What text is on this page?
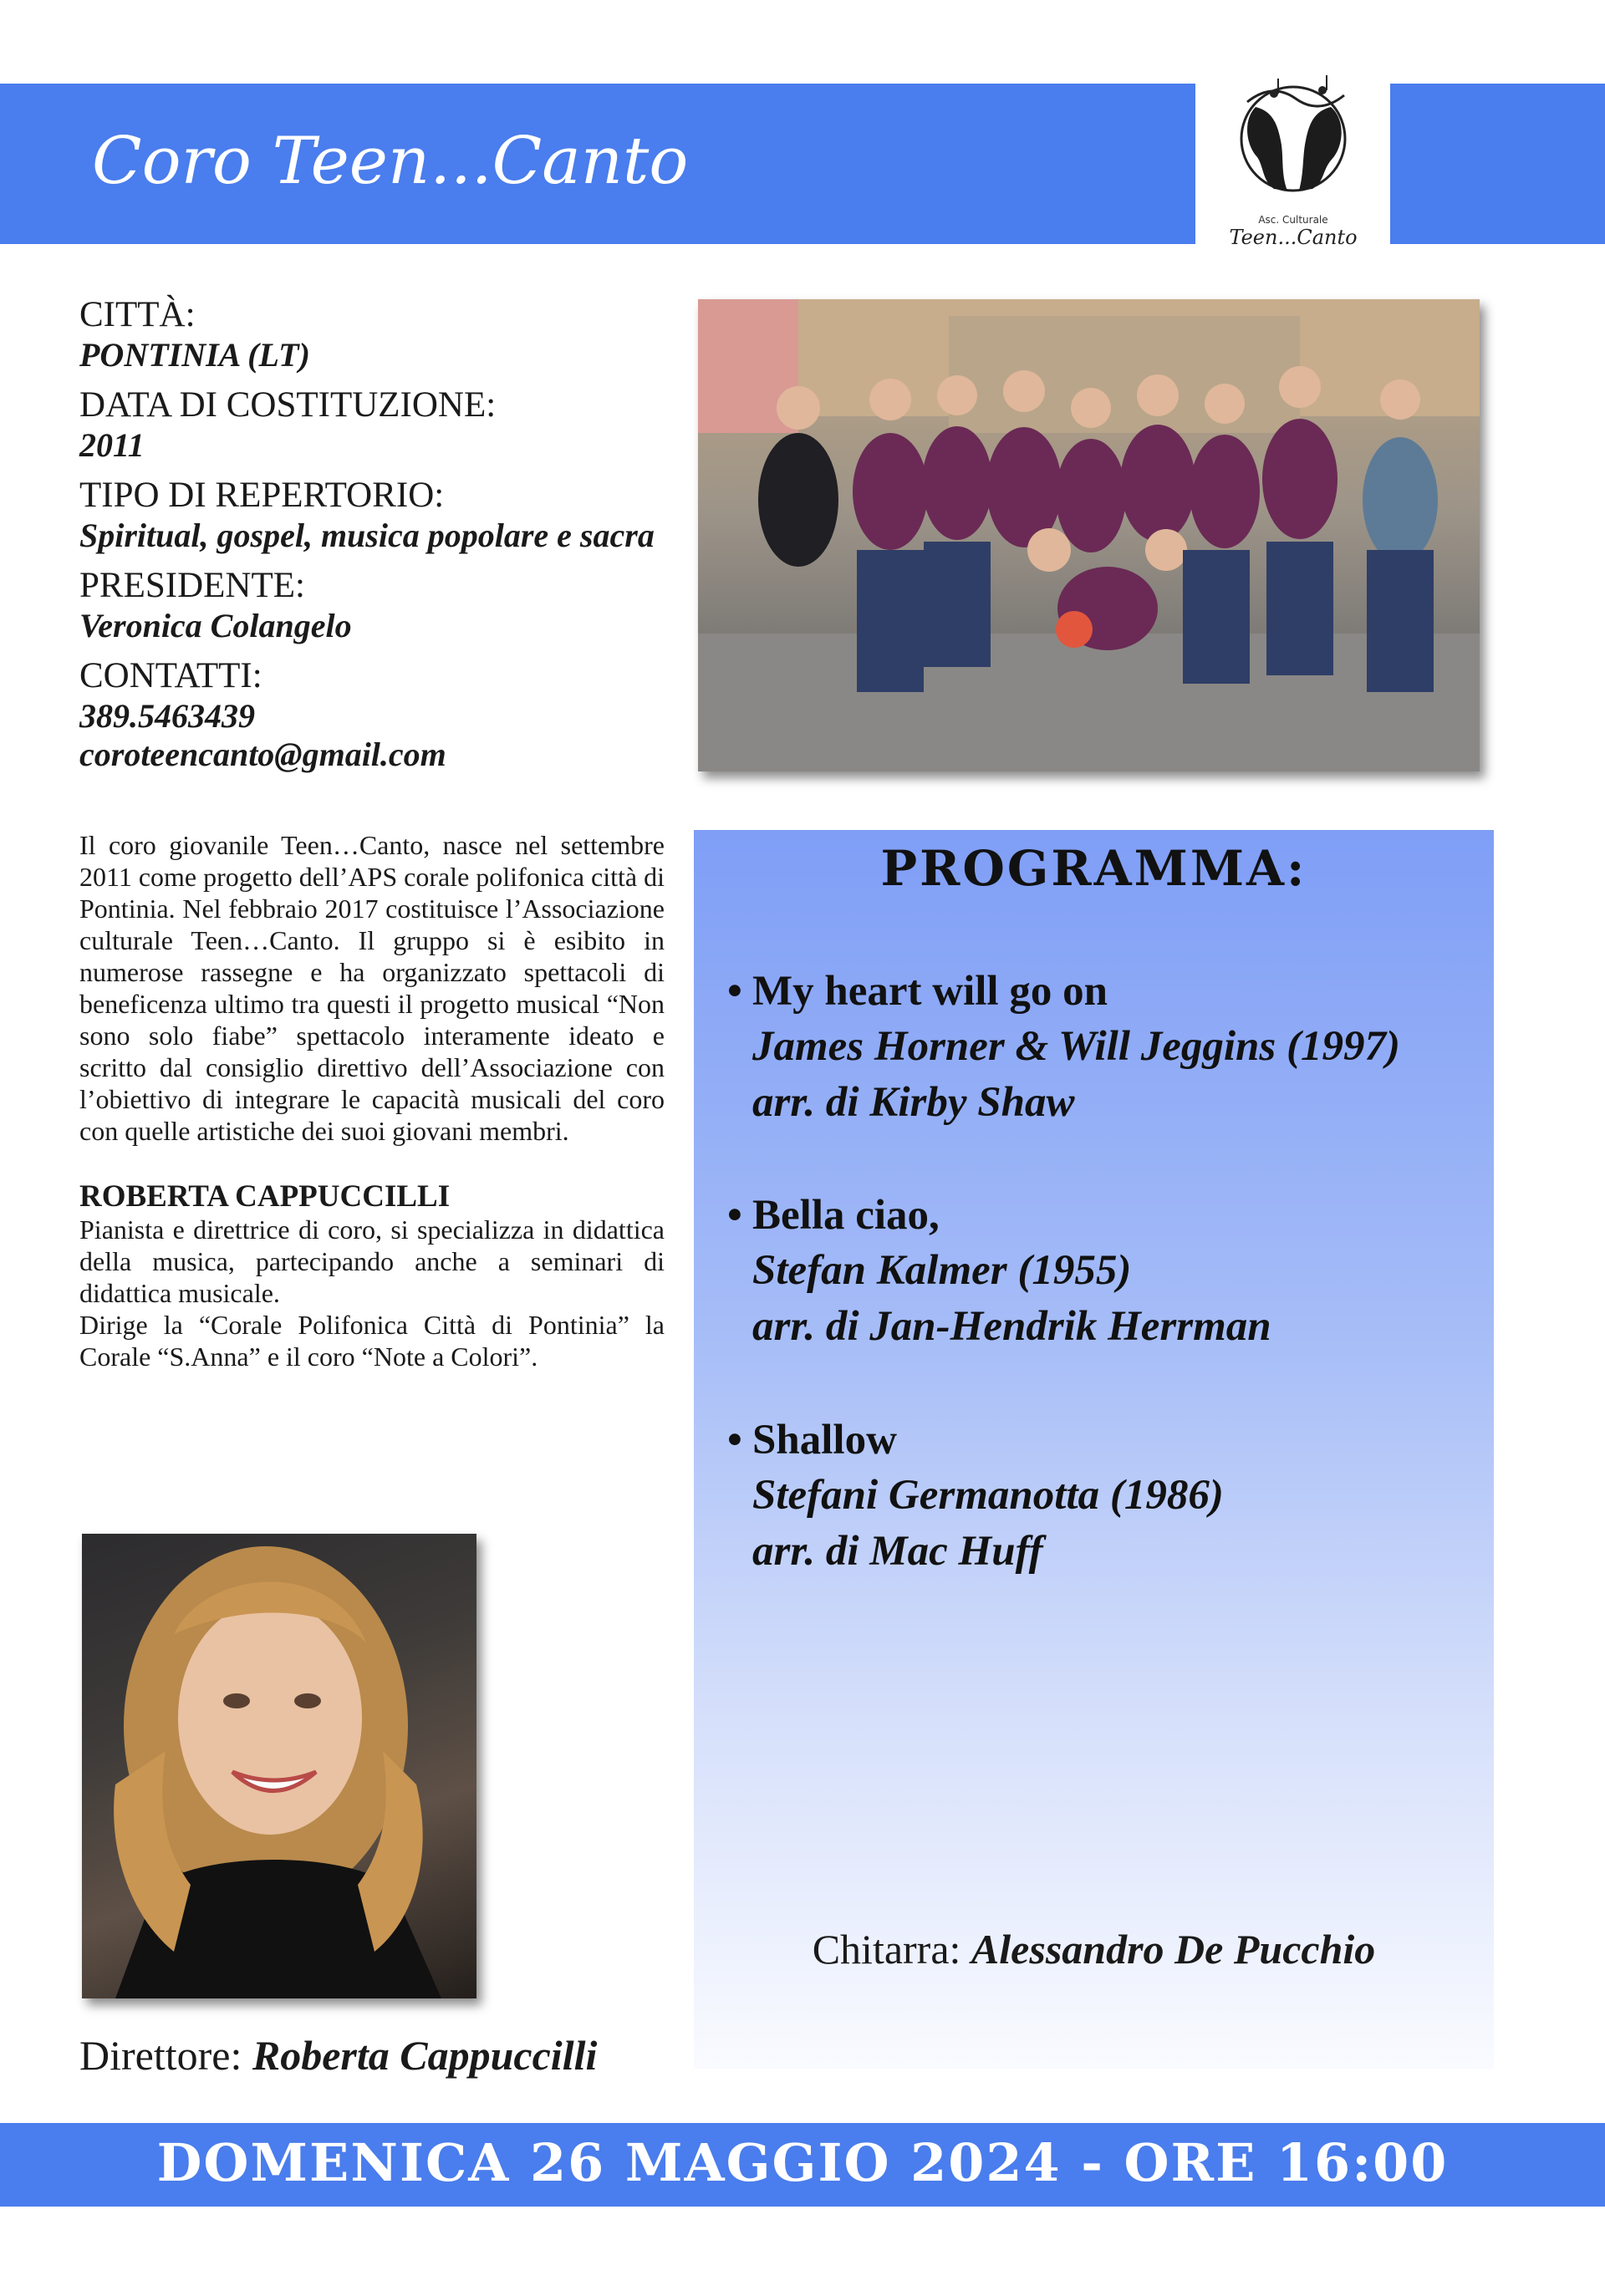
Coro Teen...Canto
Asc. Culturale
Teen...Canto

CITTÀ:

PONTINIA (LT)

DATA DI COSTITUZIONE:

2011

TIPO DI REPERTORIO:

Spiritual, gospel, musica popolare e sacra

PRESIDENTE:

Veronica Colangelo

CONTATTI:

389.5463439

coroteencanto@gmail.com

Il coro giovanile Teen…Canto, nasce nel settembre 2011 come progetto dell’APS corale polifonica città di Pontinia. Nel febbraio 2017 costituisce l’Associazione culturale Teen…Canto. Il gruppo si è esibito in numerose rassegne e ha organizzato spettacoli di beneficenza ultimo tra questi il progetto musical “Non sono solo fiabe” spettacolo interamente ideato e scritto dal consiglio direttivo dell’Associazione con l’obiettivo di integrare le capacità musicali del coro con quelle artistiche dei suoi giovani membri.

ROBERTA CAPPUCCILLI

Pianista e direttrice di coro, si specializza in didattica della musica, partecipando anche a seminari di didattica musicale.

Dirige la “Corale Polifonica Città di Pontinia” la Corale “S.Anna” e il coro “Note a Colori”.

PROGRAMMA:
• My heart will go on
James Horner & Will Jeggins (1997)
arr. di Kirby Shaw
• Bella ciao,
Stefan Kalmer (1955)
arr. di Jan-Hendrik Herrman
• Shallow
Stefani Germanotta (1986)
arr. di Mac Huff
Chitarra: Alessandro De Pucchio
Direttore: Roberta Cappuccilli
DOMENICA 26 MAGGIO 2024 - ORE 16:00
